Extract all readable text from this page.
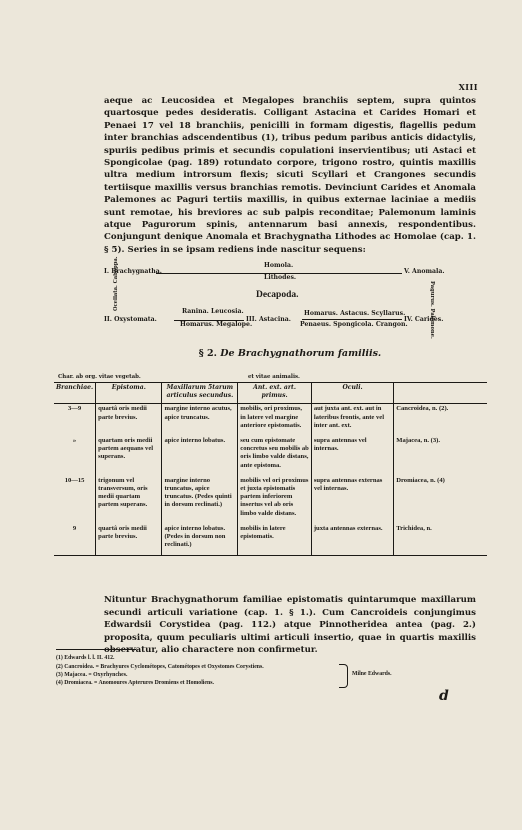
XIII

aeque ac Leucosidea et Megalopes branchiis septem, supra quintos quartosque pedes desideratis. Colligant Astacina et Carides Homari et Penaei 17 vel 18 branchiis, penicilli in formam digestis, flagellis pedum inter branchias adscendentibus (1), tribus pedum paribus anticis didactylis, spuriis pedibus primis et secundis copulationi inservientibus; uti Astaci et Spongicolae (pag. 189) rotundato corpore, trigono rostro, quintis maxillis ultra medium introrsum flexis; sicuti Scyllari et Crangones secundis tertiisque maxillis versus branchias remotis. Devinciunt Carides et Anomala Palemones ac Paguri tertiis maxillis, in quibus externae laciniae a mediis sunt remotae, his breviores ac sub palpis reconditae; Palemonum laminis atque Pagurorum spinis, antennarum basi annexis, respondentibus. Conjungunt denique Anomala et Brachygnatha Lithodes ac Homolae (cap. 1. § 5). Series in se ipsam rediens inde nascitur sequens:

I. Brachygnatha.
Homola.
Lithodes.
V. Anomala.
Ocellata. Cabappa.	Pagurus. Palemone.
Decapoda.
Ranina. Leucosia.
II. Oxystomata.
Homarus. Megalope.
III. Astacina.
Homarus. Astacus. Scyllarus.
Penaeus. Spongicola. Crangon.
IV. Carides.

§ 2. De Brachygnathorum familiis.

Char. ab org. vitae vegetab.	et vitae animalis.
Branchiae.	Epistoma.	Maxillarum 5tarum articulus secundus.	Ant. ext. art. primus.	Oculi.	
3—9	quartâ oris medii parte brevius.	margine interno acutus, apice truncatus.	mobilis, ori proximus, in latere vel margine anteriore epistomatis.	aut juxta ant. ext. aut in lateribus frontis, ante vel inter ant. ext.	Cancroidea, n. (2).
»	quartam oris medii partem aequans vel superans.	apice interno lobatus.	seu cum epistomate concretus seu mobilis ab oris limbo valde distans, ante epistoma.	supra antennas vel internas.	Majacea, n. (3).
10—15	trigonum vel transversum, oris medii quartam partem superans.	margine interno truncatus, apice truncatus. (Pedes quinti in dorsum reclinati.)	mobilis vel ori proximus et juxta epistomatis partem inferiorem insertus vel ab oris limbo valde distans.	supra antennas externas vel internas.	Dromiacea, n. (4)
9	quartâ oris medii parte brevius.	apice interno lobatus. (Pedes in dorsum non reclinati.)	mobilis in latere epistomatis.	juxta antennas externas.	Trichidea, n.

Nituntur Brachygnathorum familiae epistomatis quintarumque maxillarum secundi articuli variatione (cap. 1. § 1.). Cum Cancroideis conjungimus Edwardsii Corystidea (pag. 112.) atque Pinnotheridea antea (pag. 2.) proposita, quum peculiaris ultimi articuli insertio, quae in quartis maxillis observatur, alio charactere non confirmetur.

(1) Edwards l. l. II. 412.
(2) Cancroidea. = Brachyures Cyclométopes, Catométopes et Oxystomes Corystiens.
(3) Majacea. = Oxyrhynches.
(4) Dromiacea. = Anomoures Apterures Dromiens et Homoliens.
Milne Edwards.
d
